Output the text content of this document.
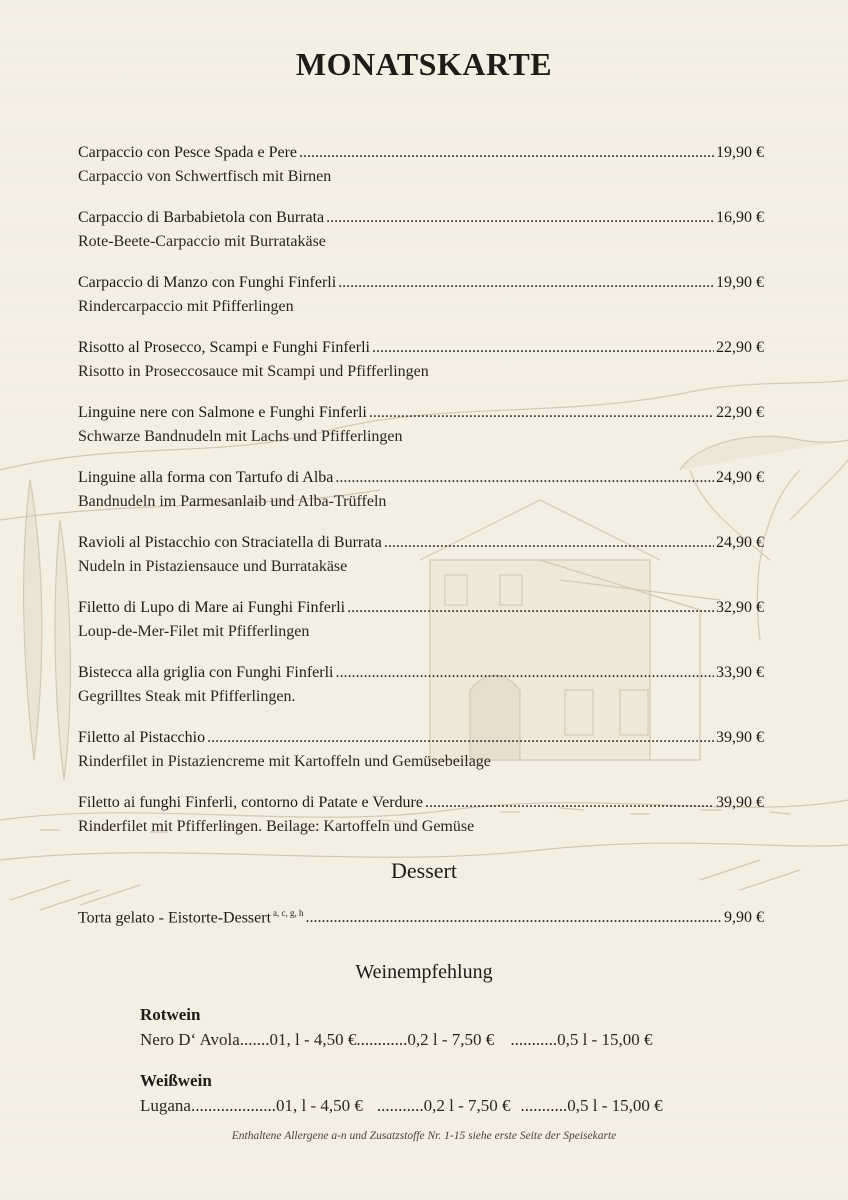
MONATSKARTE
Carpaccio con Pesce Spada e Pere .....	19,90 €
Carpaccio von Schwertfisch mit Birnen
Carpaccio di Barbabietola con Burrata .....	16,90 €
Rote-Beete-Carpaccio mit Burratakäse
Carpaccio di Manzo con Funghi Finferli .....	19,90 €
Rindercarpaccio mit Pfifferlingen
Risotto al Prosecco, Scampi e Funghi Finferli .....	22,90 €
Risotto in Proseccosauce mit Scampi und Pfifferlingen
Linguine nere con Salmone e Funghi Finferli .....	22,90 €
Schwarze Bandnudeln mit Lachs und Pfifferlingen
Linguine alla forma con Tartufo di Alba .....	24,90 €
Bandnudeln im Parmesanlaib und Alba-Trüffeln
Ravioli al Pistacchio con Straciatella di Burrata .....	24,90 €
Nudeln in Pistaziensauce und Burratakäse
Filetto di Lupo di Mare ai Funghi Finferli .....	32,90 €
Loup-de-Mer-Filet mit Pfifferlingen
Bistecca alla griglia con Funghi Finferli .....	33,90 €
Gegrilltes Steak mit Pfifferlingen.
Filetto al Pistacchio .....	39,90 €
Rinderfilet in Pistaziencreme mit Kartoffeln und Gemüsebeilage
Filetto ai funghi Finferli, contorno di Patate e Verdure .....	39,90 €
Rinderfilet mit Pfifferlingen. Beilage: Kartoffeln und Gemüse
Dessert
Torta gelato - Eistorte-Dessert $^{a, c, g, h}$ .....	9,90 €
Weinempfehlung
Rotwein
Nero D‘ Avola.......01, l - 4,50 €............0,2 l - 7,50 € ...........0,5 l - 15,00 €
Weißwein
Lugana....................01, l - 4,50 € ...........0,2 l - 7,50 € ...........0,5 l - 15,00 €
Enthaltene Allergene a-n und Zusatzstoffe Nr. 1-15 siehe erste Seite der Speisekarte
